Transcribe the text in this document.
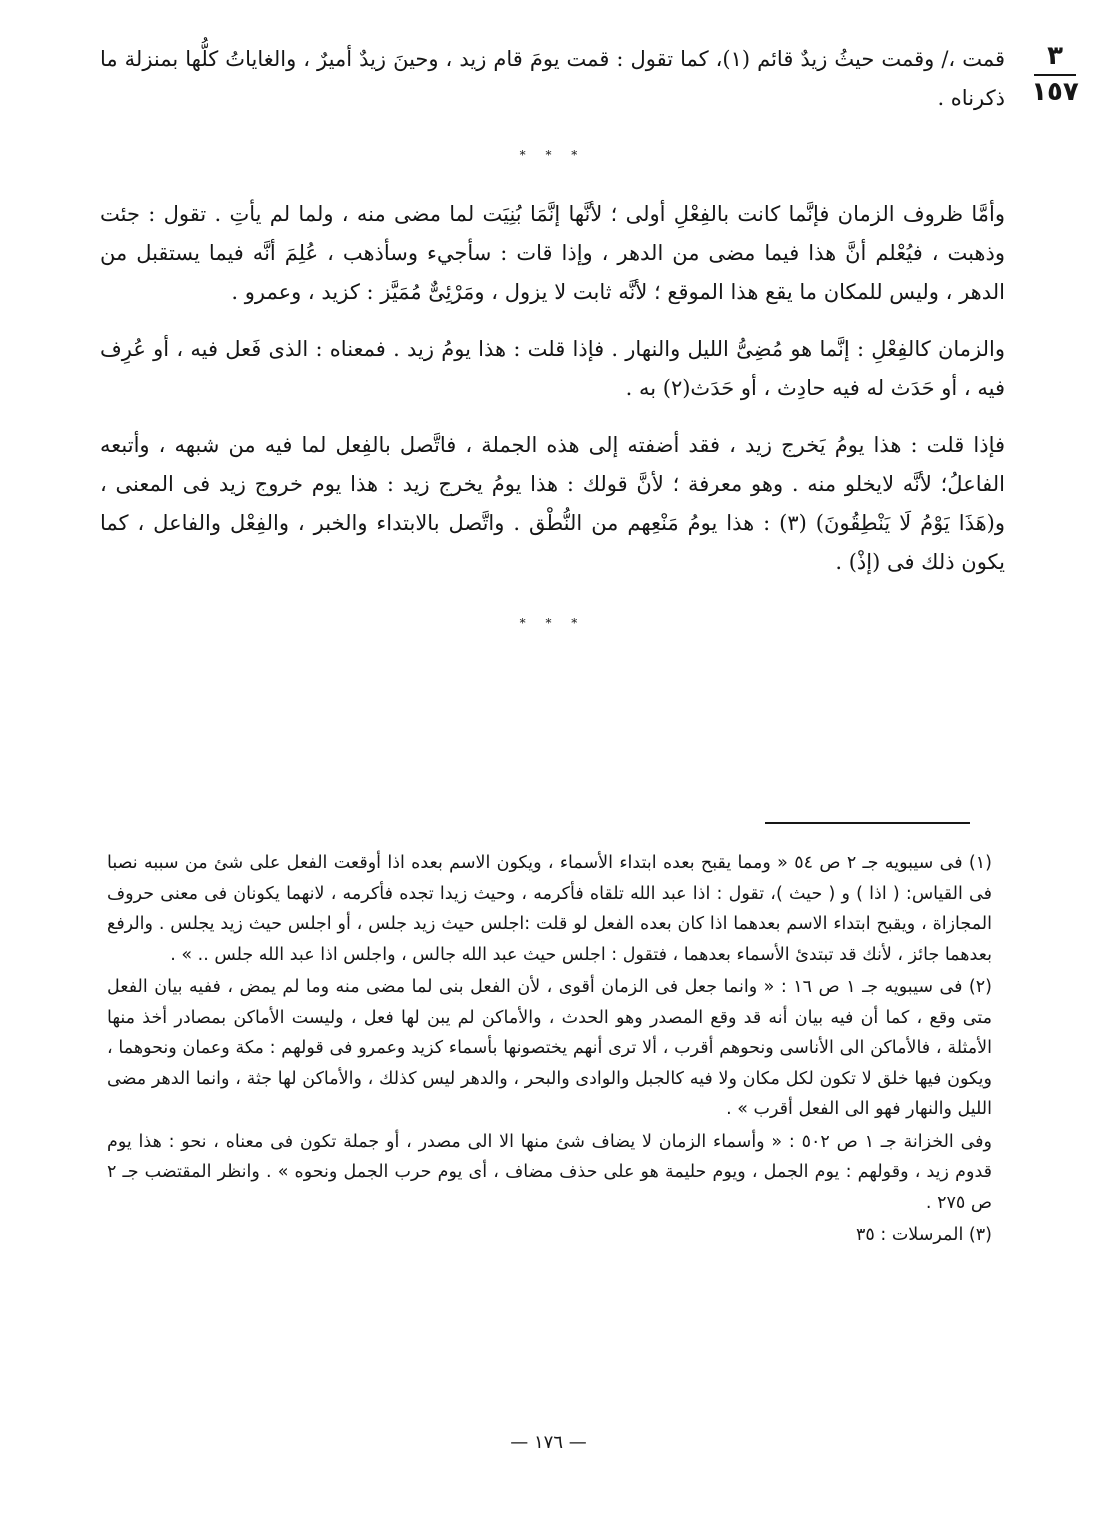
٣
١٥٧

قمت ،/ وقمت حيثُ زيدٌ قائم (١)، كما تقول : قمت يومَ قام زيد ، وحينَ زيدٌ أميرٌ ، والغاياتُ كلُّها بمنزلة ما ذكرناه .

* * *

وأمَّا ظروف الزمان فإنَّما كانت بالفِعْلِ أولى ؛ لأنَّها إنَّمَا بُنِيَت لما مضى منه ، ولما لم يأتِ . تقول : جئت وذهبت ، فيُعْلم أنَّ هذا فيما مضى من الدهر ، وإذا قات : سأجيء وسأذهب ، عُلِمَ أنَّه فيما يستقبل من الدهر ، وليس للمكان ما يقع هذا الموقع ؛ لأنَّه ثابت لا يزول ، ومَرْئِىٌّ مُمَيَّز : كزيد ، وعمرو .

والزمان كالفِعْلِ : إنَّما هو مُضِىُّ الليل والنهار . فإذا قلت : هذا يومُ زيد . فمعناه : الذى فَعل فيه ، أو عُرِف فيه ، أو حَدَث له فيه حادِث ، أو حَدَث(٢) به .

فإذا قلت : هذا يومُ يَخرج زيد ، فقد أضفته إلى هذه الجملة ، فاتَّصل بالفِعل لما فيه من شبهه ، وأتبعه الفاعلُ؛ لأنَّه لايخلو منه . وهو معرفة ؛ لأنَّ قولك : هذا يومُ يخرج زيد : هذا يوم خروج زيد فى المعنى ، و(هَذَا يَوْمُ لَا يَنْطِقُونَ) (٣) : هذا يومُ مَنْعِهم من النُّطْق . واتَّصل بالابتداء والخبر ، والفِعْل والفاعل ، كما يكون ذلك فى (إذْ) .

* * *

(١) فى سيبويه جـ ٢ ص ٥٤ « ومما يقبح بعده ابتداء الأسماء ، ويكون الاسم بعده اذا أوقعت الفعل على شئ من سببه نصبا فى القياس: ( اذا ) و ( حيث )، تقول : اذا عبد الله تلقاه فأكرمه ، وحيث زيدا تجده فأكرمه ، لانهما يكونان فى معنى حروف المجازاة ، ويقبح ابتداء الاسم بعدهما اذا كان بعده الفعل لو قلت :اجلس حيث زيد جلس ، أو اجلس حيث زيد يجلس . والرفع بعدهما جائز ، لأنك قد تبتدئ الأسماء بعدهما ، فتقول : اجلس حيث عبد الله جالس ، واجلس اذا عبد الله جلس .. » .

(٢) فى سيبويه جـ ١ ص ١٦ : « وانما جعل فى الزمان أقوى ، لأن الفعل بنى لما مضى منه وما لم يمض ، ففيه بيان الفعل متى وقع ، كما أن فيه بيان أنه قد وقع المصدر وهو الحدث ، والأماكن لم يبن لها فعل ، وليست الأماكن بمصادر أخذ منها الأمثلة ، فالأماكن الى الأناسى ونحوهم أقرب ، ألا ترى أنهم يختصونها بأسماء كزيد وعمرو فى قولهم : مكة وعمان ونحوهما ، ويكون فيها خلق لا تكون لكل مكان ولا فيه كالجبل والوادى والبحر ، والدهر ليس كذلك ، والأماكن لها جثة ، وانما الدهر مضى الليل والنهار فهو الى الفعل أقرب » .

وفى الخزانة جـ ١ ص ٥٠٢ : « وأسماء الزمان لا يضاف شئ منها الا الى مصدر ، أو جملة تكون فى معناه ، نحو : هذا يوم قدوم زيد ، وقولهم : يوم الجمل ، ويوم حليمة هو على حذف مضاف ، أى يوم حرب الجمل ونحوه » . وانظر المقتضب جـ ٢ ص ٢٧٥ .

(٣) المرسلات : ٣٥

— ١٧٦ —
